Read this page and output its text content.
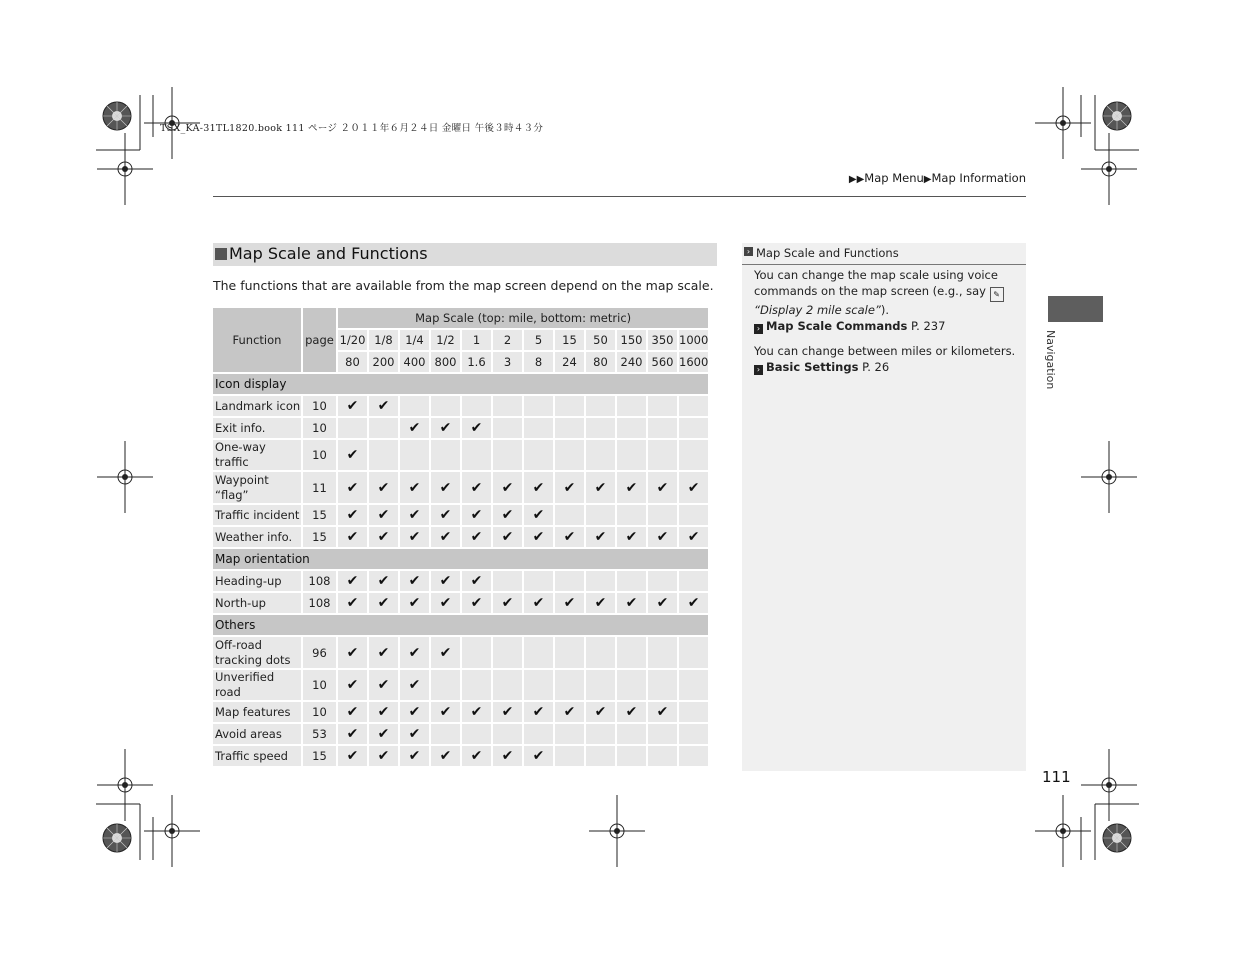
TSX_KA-31TL1820.book 111 ページ ２０１１年６月２４日 金曜日 午後３時４３分
▶▶Map Menu▶Map Information
Map Scale and Functions
The functions that are available from the map screen depend on the map scale.
Function	page	Map Scale (top: mile, bottom: metric)											
		1/20	1/8	1/4	1/2	1	2	5	15	50	150	350	1000
		80	200	400	800	1.6	3	8	24	80	240	560	1600
Icon display													
Landmark icon	10	✔	✔										
Exit info.	10			✔	✔	✔							
One-way traffic	10	✔											
Waypoint “flag”	11	✔	✔	✔	✔	✔	✔	✔	✔	✔	✔	✔	✔
Traffic incident	15	✔	✔	✔	✔	✔	✔	✔					
Weather info.	15	✔	✔	✔	✔	✔	✔	✔	✔	✔	✔	✔	✔
Map orientation													
Heading-up	108	✔	✔	✔	✔	✔							
North-up	108	✔	✔	✔	✔	✔	✔	✔	✔	✔	✔	✔	✔
Others													
Off-road tracking dots	96	✔	✔	✔	✔								
Unverified road	10	✔	✔	✔									
Map features	10	✔	✔	✔	✔	✔	✔	✔	✔	✔	✔	✔	
Avoid areas	53	✔	✔	✔									
Traffic speed	15	✔	✔	✔	✔	✔	✔	✔					
› Map Scale and Functions

You can change the map scale using voice commands on the map screen (e.g., say ✎
“Display 2 mile scale”).
› Map Scale Commands P. 237

You can change between miles or kilometers.
› Basic Settings P. 26	Navigation
111
